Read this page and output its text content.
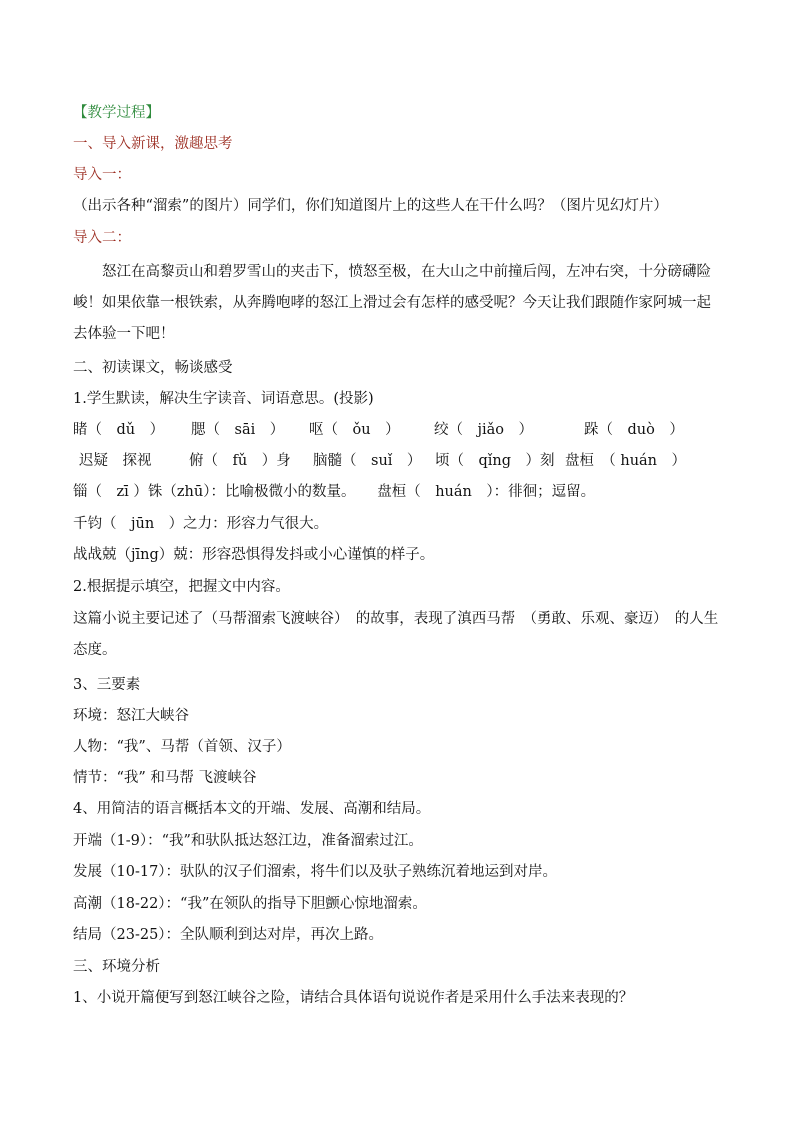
【教学过程】
一、导入新课，激趣思考
导入一：
（出示各种“溜索”的图片）同学们，你们知道图片上的这些人在干什么吗？（图片见幻灯片）
导入二：
怒江在高黎贡山和碧罗雪山的夹击下，愤怒至极，在大山之中前撞后闯，左冲右突，十分磅礴险峻！如果依靠一根铁索，从奔腾咆哮的怒江上滑过会有怎样的感受呢？今天让我们跟随作家阿城一起去体验一下吧！
二、初读课文，畅谈感受
1.学生默读，解决生字读音、词语意思。(投影)
睹（　dǔ　） 腮（　sāi　） 呕（　ǒu　） 绞（　jiǎo　）	跺（　duò　）
迟疑　探视	俯（　fǔ　）身 脑髓（　suǐ　） 顷（　qǐng　）刻 盘桓　（ huán　）
锱（　zī ）铢（zhū）：比喻极微小的数量。　　盘桓（　huán　）：徘徊；逗留。
千钧（　jūn　）之力：形容力气很大。
战战兢（jīng）兢：形容恐惧得发抖或小心谨慎的样子。
2.根据提示填空，把握文中内容。
这篇小说主要记述了（马帮溜索飞渡峡谷）　的故事，表现了滇西马帮　（勇敢、乐观、豪迈）　的人生态度。
3、三要素
环境：怒江大峡谷
人物：“我”、马帮（首领、汉子）
情节：“我” 和马帮 飞渡峡谷
4、用简洁的语言概括本文的开端、发展、高潮和结局。
开端（1-9）：“我”和驮队抵达怒江边，准备溜索过江。
发展（10-17）：驮队的汉子们溜索，将牛们以及驮子熟练沉着地运到对岸。
高潮（18-22）：“我”在领队的指导下胆颤心惊地溜索。
结局（23-25）：全队顺利到达对岸，再次上路。
三、环境分析
1、小说开篇便写到怒江峡谷之险，请结合具体语句说说作者是采用什么手法来表现的？
